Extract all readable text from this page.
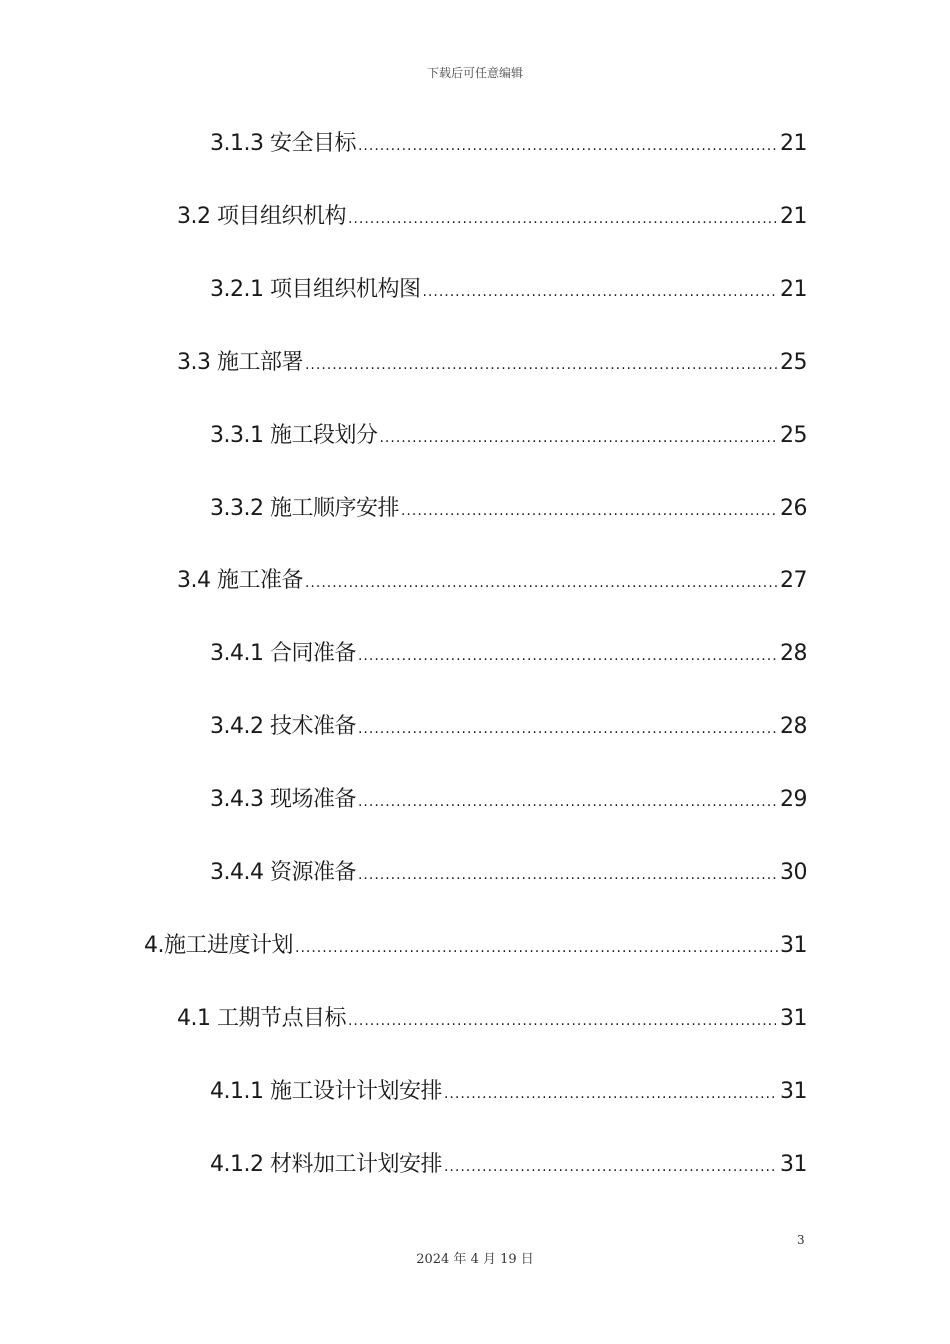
下载后可任意编辑
3.1.3 安全目标 .....	21
3.2 项目组织机构 .....	21
3.2.1 项目组织机构图 .....	21
3.3 施工部署 .....	25
3.3.1 施工段划分 .....	25
3.3.2 施工顺序安排 .....	26
3.4 施工准备 .....	27
3.4.1 合同准备 .....	28
3.4.2 技术准备 .....	28
3.4.3 现场准备 .....	29
3.4.4 资源准备 .....	30
4.施工进度计划 .....	31
4.1 工期节点目标 .....	31
4.1.1 施工设计计划安排 .....	31
4.1.2 材料加工计划安排 .....	31
3
2024 年 4 月 19 日
